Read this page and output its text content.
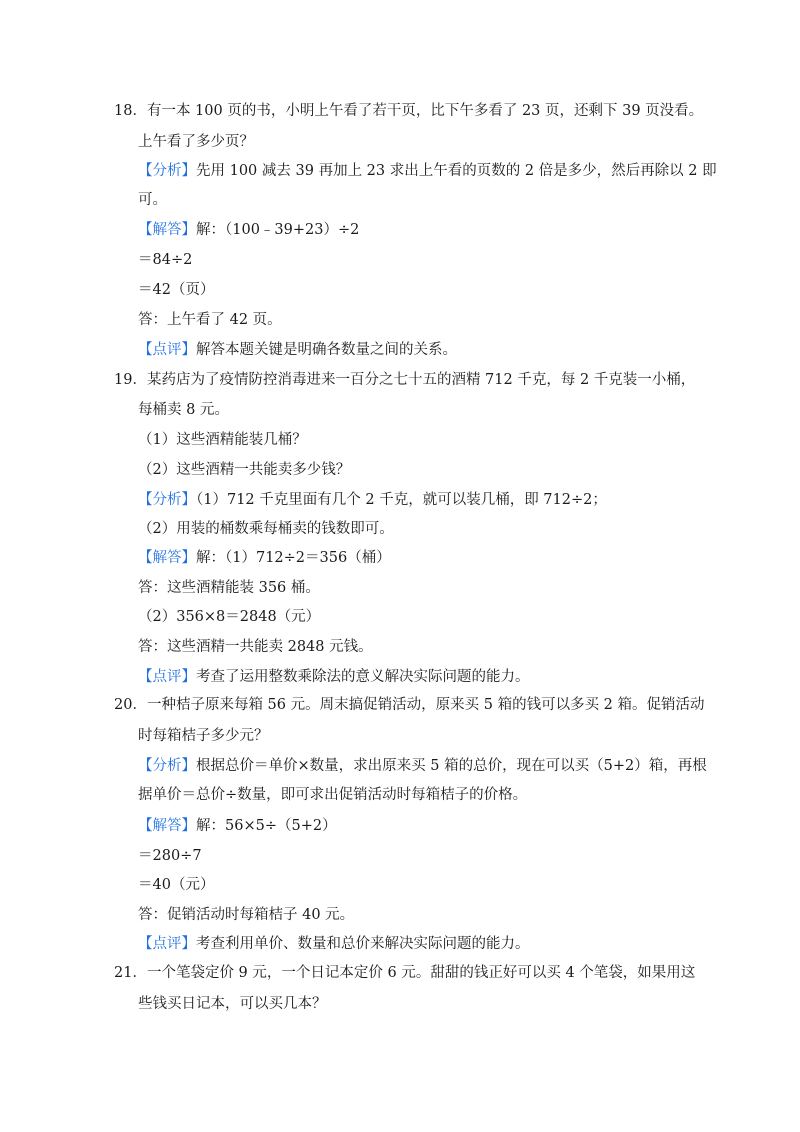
18．有一本 100 页的书，小明上午看了若干页，比下午多看了 23 页，还剩下 39 页没看。
上午看了多少页？
【分析】先用 100 减去 39 再加上 23 求出上午看的页数的 2 倍是多少，然后再除以 2 即
可。
【解答】解：（100﹣39+23）÷2
＝84÷2
＝42（页）
答：上午看了 42 页。
【点评】解答本题关键是明确各数量之间的关系。
19．某药店为了疫情防控消毒进来一百分之七十五的酒精 712 千克，每 2 千克装一小桶，
每桶卖 8 元。
（1）这些酒精能装几桶？
（2）这些酒精一共能卖多少钱？
【分析】（1）712 千克里面有几个 2 千克，就可以装几桶，即 712÷2；
（2）用装的桶数乘每桶卖的钱数即可。
【解答】解：（1）712÷2＝356（桶）
答：这些酒精能装 356 桶。
（2）356×8＝2848（元）
答：这些酒精一共能卖 2848 元钱。
【点评】考查了运用整数乘除法的意义解决实际问题的能力。
20．一种桔子原来每箱 56 元。周末搞促销活动，原来买 5 箱的钱可以多买 2 箱。促销活动
时每箱桔子多少元？
【分析】根据总价＝单价×数量，求出原来买 5 箱的总价，现在可以买（5+2）箱，再根
据单价＝总价÷数量，即可求出促销活动时每箱桔子的价格。
【解答】解：56×5÷（5+2）
＝280÷7
＝40（元）
答：促销活动时每箱桔子 40 元。
【点评】考查利用单价、数量和总价来解决实际问题的能力。
21．一个笔袋定价 9 元，一个日记本定价 6 元。甜甜的钱正好可以买 4 个笔袋，如果用这
些钱买日记本，可以买几本？
